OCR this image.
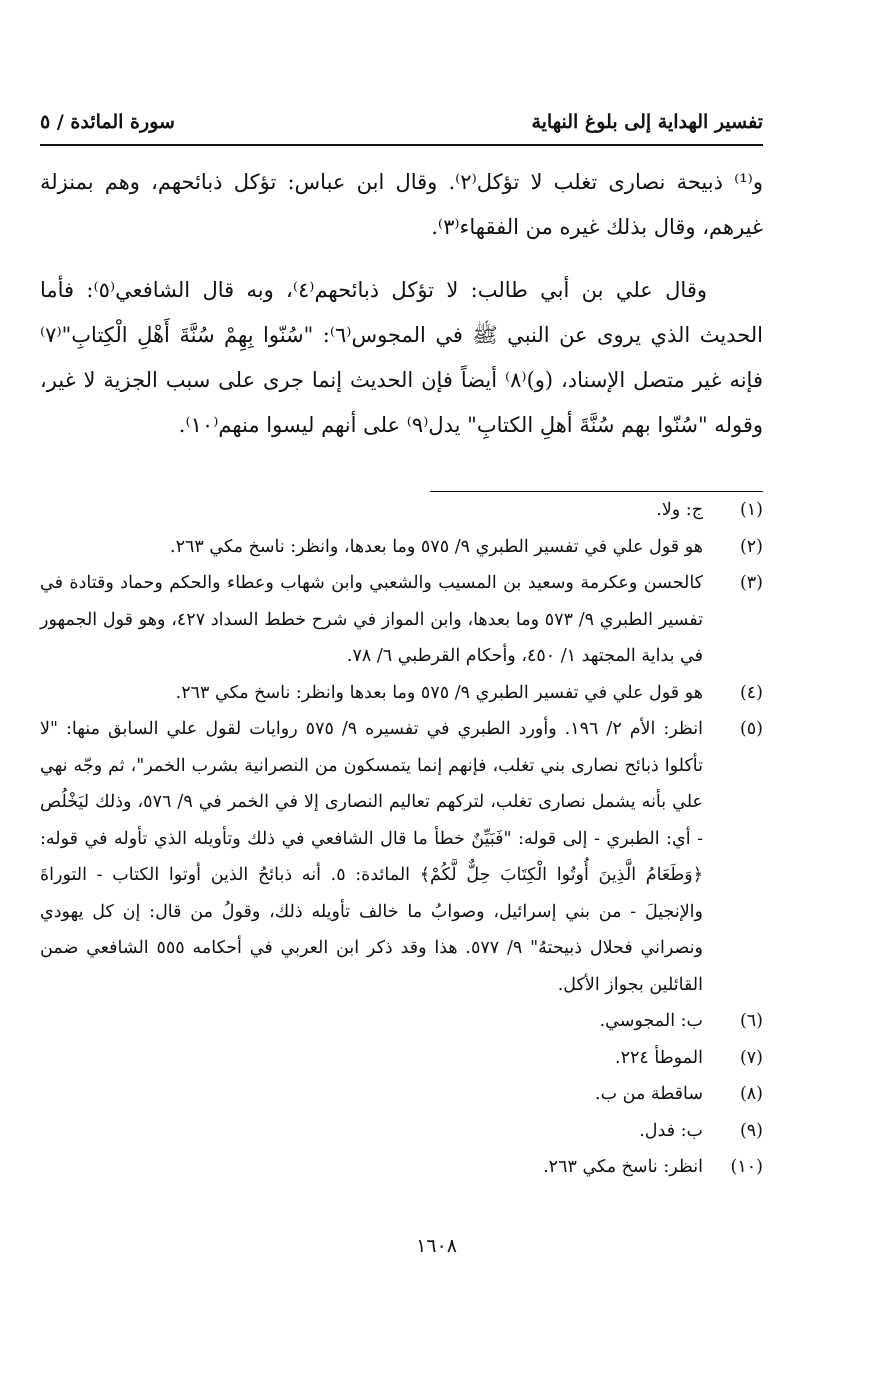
تفسير الهداية إلى بلوغ النهاية
سورة المائدة / ٥

و⁽¹⁾ ذبيحة نصارى تغلب لا تؤكل⁽٢⁾. وقال ابن عباس: تؤكل ذبائحهم، وهم بمنزلة غيرهم، وقال بذلك غيره من الفقهاء⁽٣⁾.

وقال علي بن أبي طالب: لا تؤكل ذبائحهم⁽٤⁾، وبه قال الشافعي⁽٥⁾: فأما الحديث الذي يروى عن النبي ﷺ في المجوس⁽٦⁾: "سُنّوا بِهِمْ سُنَّةَ أَهْلِ الْكِتابِ"⁽٧⁾ فإنه غير متصل الإسناد، (و)⁽٨⁾ أيضاً فإن الحديث إنما جرى على سبب الجزية لا غير، وقوله "سُنّوا بهم سُنَّةَ أهلِ الكتابِ" يدل⁽٩⁾ على أنهم ليسوا منهم⁽١٠⁾.

(١)
ج: ولا.
(٢)
هو قول علي في تفسير الطبري ٩/ ٥٧٥ وما بعدها، وانظر: ناسخ مكي ٢٦٣.
(٣)
كالحسن وعكرمة وسعيد بن المسيب والشعبي وابن شهاب وعطاء والحكم وحماد وقتادة في تفسير الطبري ٩/ ٥٧٣ وما بعدها، وابن المواز في شرح خطط السداد ٤٢٧، وهو قول الجمهور في بداية المجتهد ١/ ٤٥٠، وأحكام القرطبي ٦/ ٧٨.
(٤)
هو قول علي في تفسير الطبري ٩/ ٥٧٥ وما بعدها وانظر: ناسخ مكي ٢٦٣.
(٥)
انظر: الأم ٢/ ١٩٦. وأورد الطبري في تفسيره ٩/ ٥٧٥ روايات لقول علي السابق منها: "لا تأكلوا ذبائح نصارى بني تغلب، فإنهم إنما يتمسكون من النصرانية بشرب الخمر"، ثم وجّه نهي علي بأنه يشمل نصارى تغلب، لتركهم تعاليم النصارى إلا في الخمر في ٩/ ٥٧٦، وذلك ليَخْلُص - أي: الطبري - إلى قوله: "فَبَيِّنٌ خطأ ما قال الشافعي في ذلك وتأويله الذي تأوله في قوله: ﴿وَطَعَامُ الَّذِينَ أُوتُوا الْكِتَابَ حِلٌّ لَّكُمْ﴾ المائدة: ٥. أنه ذبائحُ الذين أوتوا الكتاب - التوراةَ والإنجيلَ - من بني إسرائيل، وصوابُ ما خالف تأويله ذلك، وقولُ من قال: إن كل يهودي ونصراني فحلال ذبيحتهُ" ٩/ ٥٧٧. هذا وقد ذكر ابن العربي في أحكامه ٥٥٥ الشافعي ضمن القائلين بجواز الأكل.
(٦)
ب: المجوسي.
(٧)
الموطأ ٢٢٤.
(٨)
ساقطة من ب.
(٩)
ب: فدل.
(١٠)
انظر: ناسخ مكي ٢٦٣.
١٦٠٨
